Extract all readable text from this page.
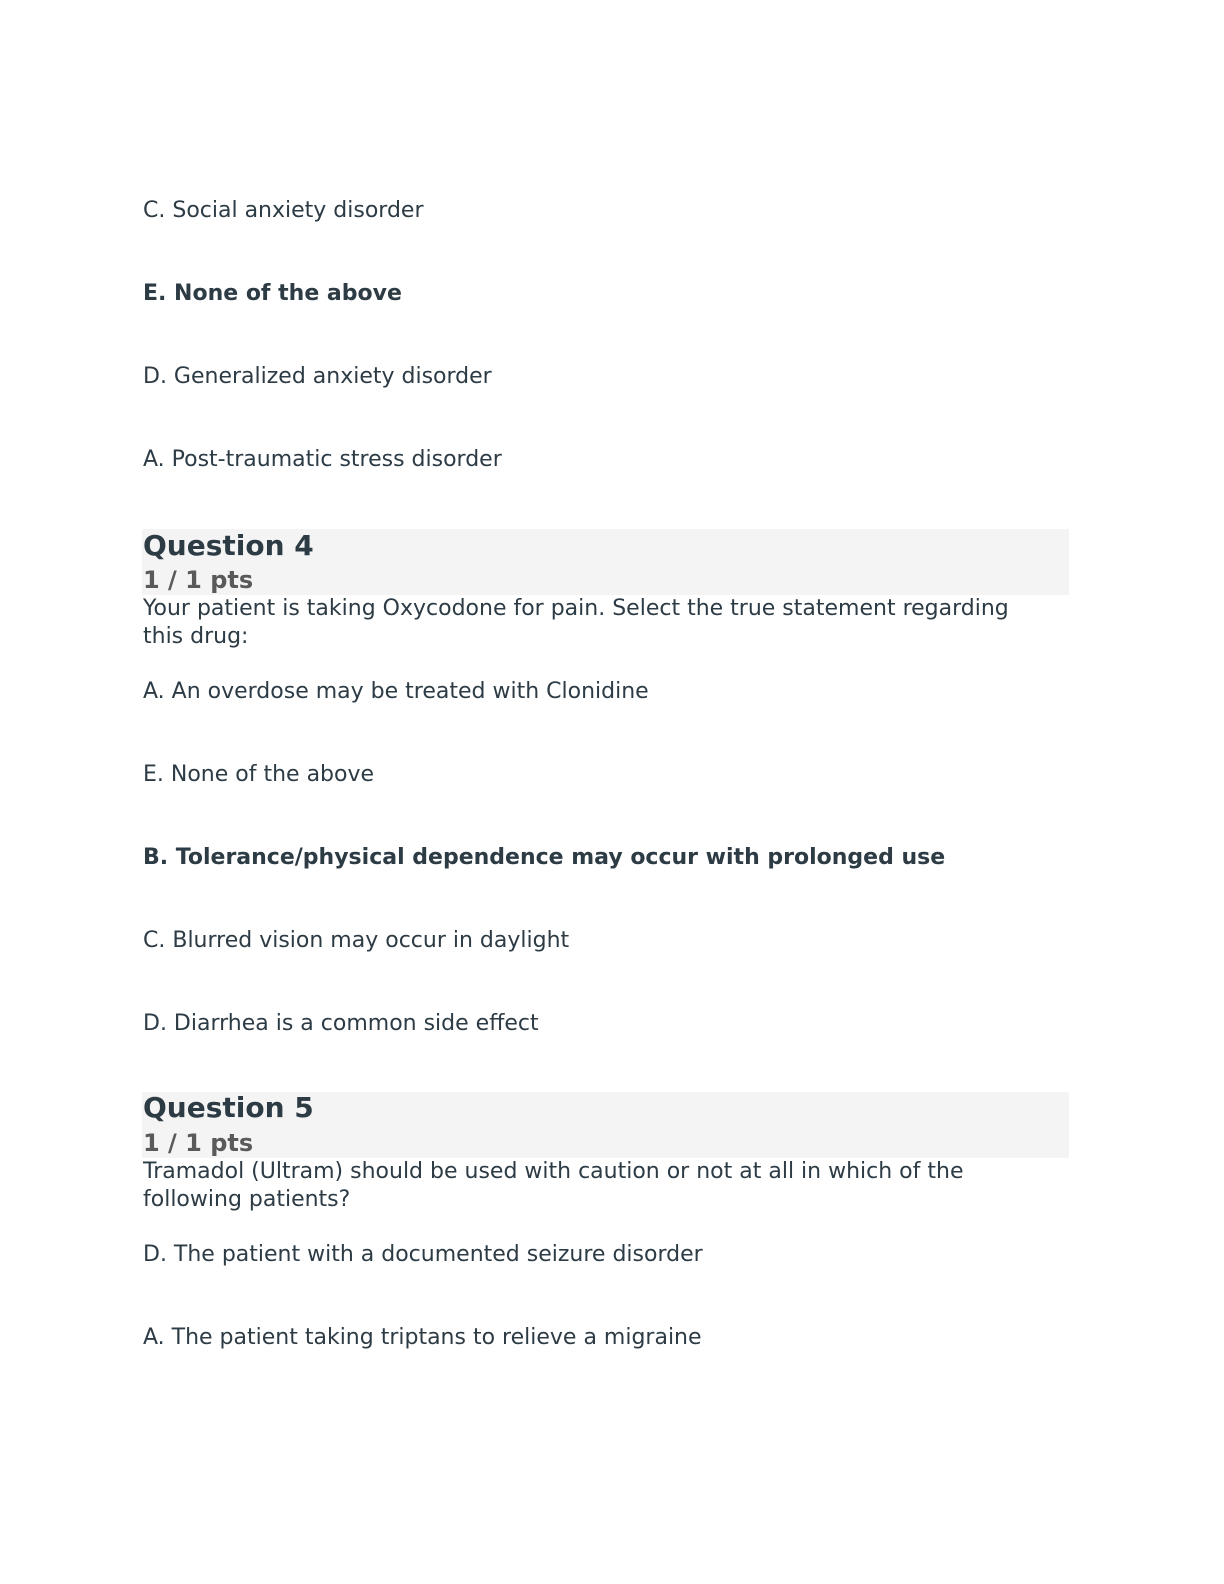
C. Social anxiety disorder

E. None of the above

D. Generalized anxiety disorder

A. Post-traumatic stress disorder

Question 4
1 / 1 pts

Your patient is taking Oxycodone for pain. Select the true statement regarding this drug:

A. An overdose may be treated with Clonidine

E. None of the above

B. Tolerance/physical dependence may occur with prolonged use

C. Blurred vision may occur in daylight

D. Diarrhea is a common side effect

Question 5
1 / 1 pts

Tramadol (Ultram) should be used with caution or not at all in which of the following patients?

D. The patient with a documented seizure disorder

A. The patient taking triptans to relieve a migraine
